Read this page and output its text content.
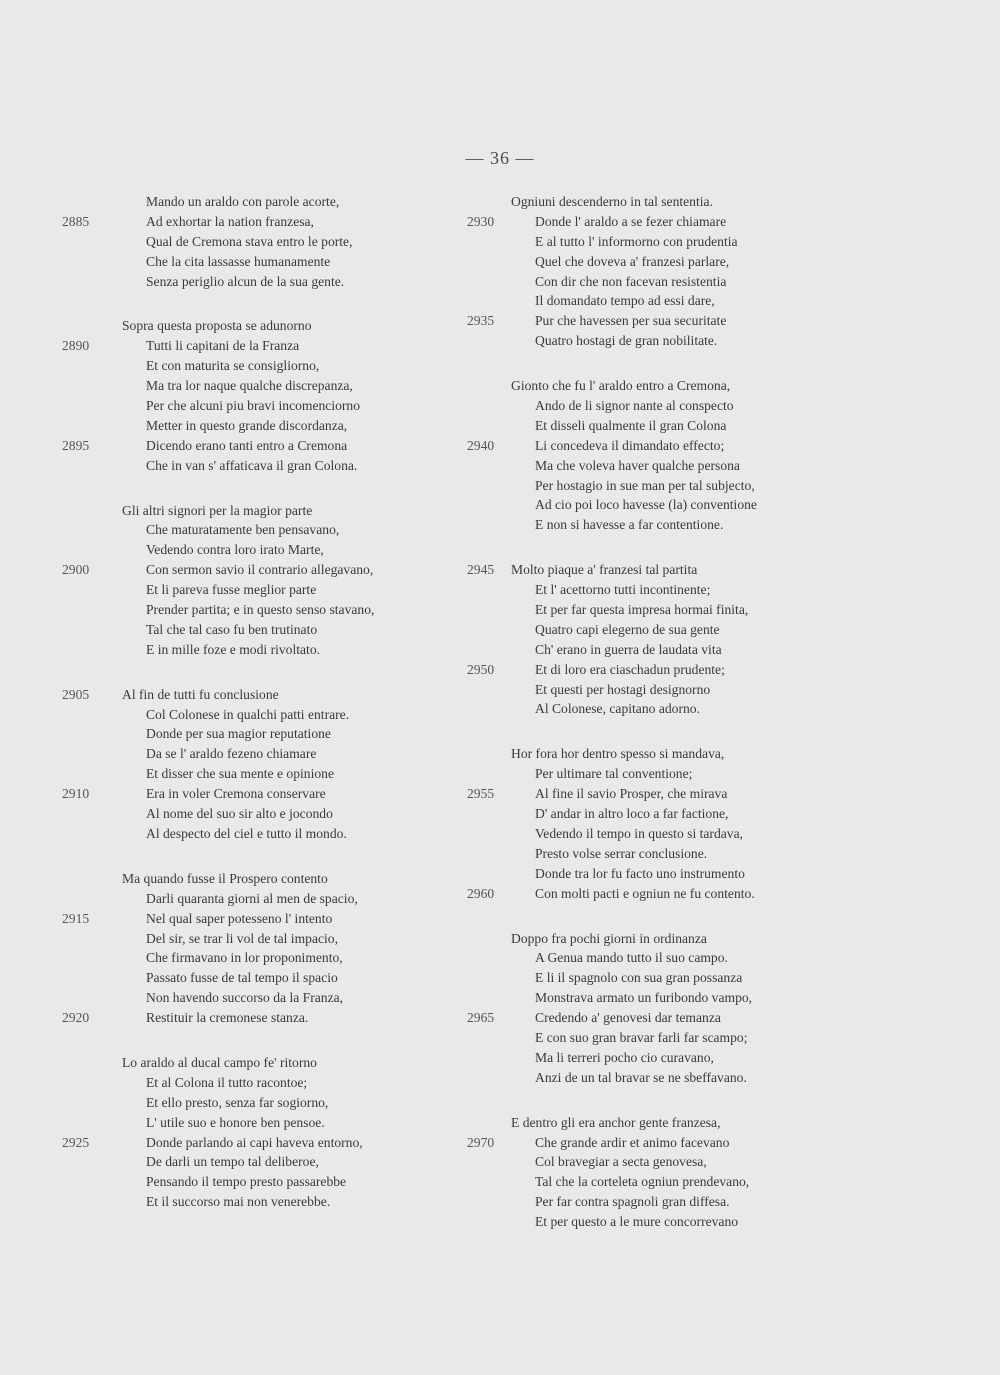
— 36 —
Mando un araldo con parole acorte,
2885	Ad exhortar la nation franzesa,
Qual de Cremona stava entro le porte,
Che la cita lassasse humanamente
Senza periglio alcun de la sua gente.
Sopra questa proposta se adunorno
2890	Tutti li capitani de la Franza
Et con maturita se consigliorno,
Ma tra lor naque qualche discrepanza,
Per che alcuni piu bravi incomenciorno
Metter in questo grande discordanza,
2895	Dicendo erano tanti entro a Cremona
Che in van s' affaticava il gran Colona.
Gli altri signori per la magior parte
Che maturatamente ben pensavano,
Vedendo contra loro irato Marte,
2900	Con sermon savio il contrario allegavano,
Et li pareva fusse meglior parte
Prender partita; e in questo senso stavano,
Tal che tal caso fu ben trutinato
E in mille foze e modi rivoltato.
2905	Al fin de tutti fu conclusione
Col Colonese in qualchi patti entrare.
Donde per sua magior reputatione
Da se l' araldo fezeno chiamare
Et disser che sua mente e opinione
2910	Era in voler Cremona conservare
Al nome del suo sir alto e jocondo
Al despecto del ciel e tutto il mondo.
Ma quando fusse il Prospero contento
Darli quaranta giorni al men de spacio,
2915	Nel qual saper potesseno l' intento
Del sir, se trar li vol de tal impacio,
Che firmavano in lor proponimento,
Passato fusse de tal tempo il spacio
Non havendo succorso da la Franza,
2920	Restituir la cremonese stanza.
Lo araldo al ducal campo fe' ritorno
Et al Colona il tutto racontoe;
Et ello presto, senza far sogiorno,
L' utile suo e honore ben pensoe.
2925	Donde parlando ai capi haveva entorno,
De darli un tempo tal deliberoe,
Pensando il tempo presto passarebbe
Et il succorso mai non venerebbe.
Ogniuni descenderno in tal sententia.
2930	Donde l' araldo a se fezer chiamare
E al tutto l' informorno con prudentia
Quel che doveva a' franzesi parlare,
Con dir che non facevan resistentia
Il domandato tempo ad essi dare,
2935	Pur che havessen per sua securitate
Quatro hostagi de gran nobilitate.
Gionto che fu l' araldo entro a Cremona,
Ando de li signor nante al conspecto
Et disseli qualmente il gran Colona
2940	Li concedeva il dimandato effecto;
Ma che voleva haver qualche persona
Per hostagio in sue man per tal subjecto,
Ad cio poi loco havesse (la) conventione
E non si havesse a far contentione.
2945	Molto piaque a' franzesi tal partita
Et l' acettorno tutti incontinente;
Et per far questa impresa hormai finita,
Quatro capi elegerno de sua gente
Ch' erano in guerra de laudata vita
2950	Et di loro era ciaschadun prudente;
Et questi per hostagi designorno
Al Colonese, capitano adorno.
Hor fora hor dentro spesso si mandava,
Per ultimare tal conventione;
2955	Al fine il savio Prosper, che mirava
D' andar in altro loco a far factione,
Vedendo il tempo in questo si tardava,
Presto volse serrar conclusione.
Donde tra lor fu facto uno instrumento
2960	Con molti pacti e ogniun ne fu contento.
Doppo fra pochi giorni in ordinanza
A Genua mando tutto il suo campo.
E li il spagnolo con sua gran possanza
Monstrava armato un furibondo vampo,
2965	Credendo a' genovesi dar temanza
E con suo gran bravar farli far scampo;
Ma li terreri pocho cio curavano,
Anzi de un tal bravar se ne sbeffavano.
E dentro gli era anchor gente franzesa,
2970	Che grande ardir et animo facevano
Col bravegiar a secta genovesa,
Tal che la corteleta ogniun prendevano,
Per far contra spagnoli gran diffesa.
Et per questo a le mure concorrevano
